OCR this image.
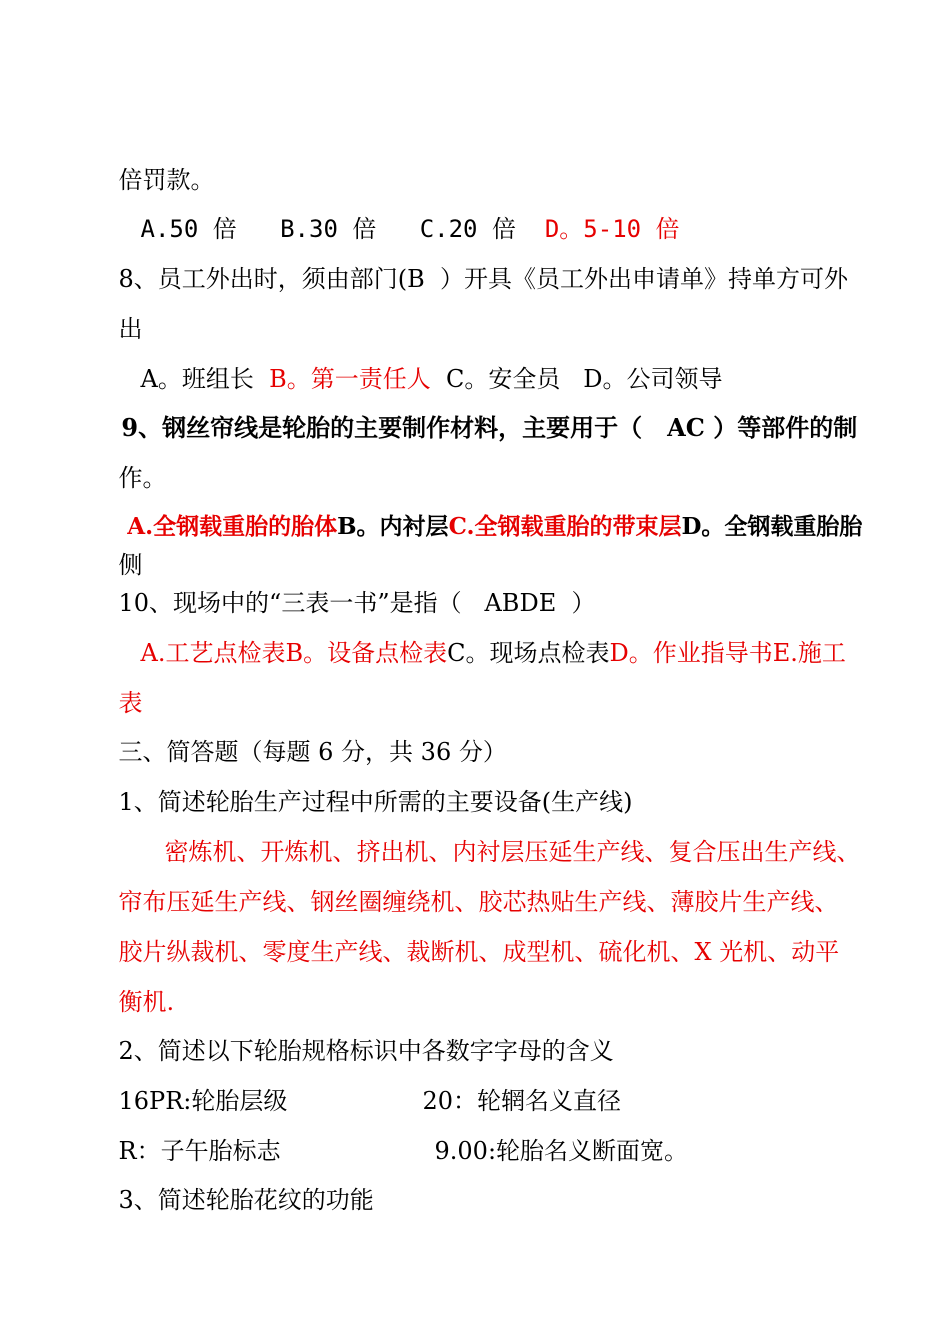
倍罚款。

A.50 倍   B.30 倍   C.20 倍  D。5-10 倍

8、员工外出时，须由部门(B  ）开具《员工外出申请单》持单方可外

出

A。班组长  B。第一责任人  C。安全员   D。公司领导

9、钢丝帘线是轮胎的主要制作材料，主要用于（   AC ）等部件的制

作。

A.全钢载重胎的胎体B。内衬层C.全钢载重胎的带束层D。全钢载重胎胎

侧

10、现场中的“三表一书”是指（   ABDE  ）

A.工艺点检表B。设备点检表C。现场点检表D。作业指导书E.施工

表

三、简答题（每题 6 分，共 36 分）

1、简述轮胎生产过程中所需的主要设备(生产线)

密炼机、开炼机、挤出机、内衬层压延生产线、复合压出生产线、

帘布压延生产线、钢丝圈缠绕机、胶芯热贴生产线、薄胶片生产线、

胶片纵裁机、零度生产线、裁断机、成型机、硫化机、X 光机、动平

衡机.

2、简述以下轮胎规格标识中各数字字母的含义

16PR:轮胎层级
	20：轮辋名义直径

R：子午胎标志
	9.00:轮胎名义断面宽。

3、简述轮胎花纹的功能
